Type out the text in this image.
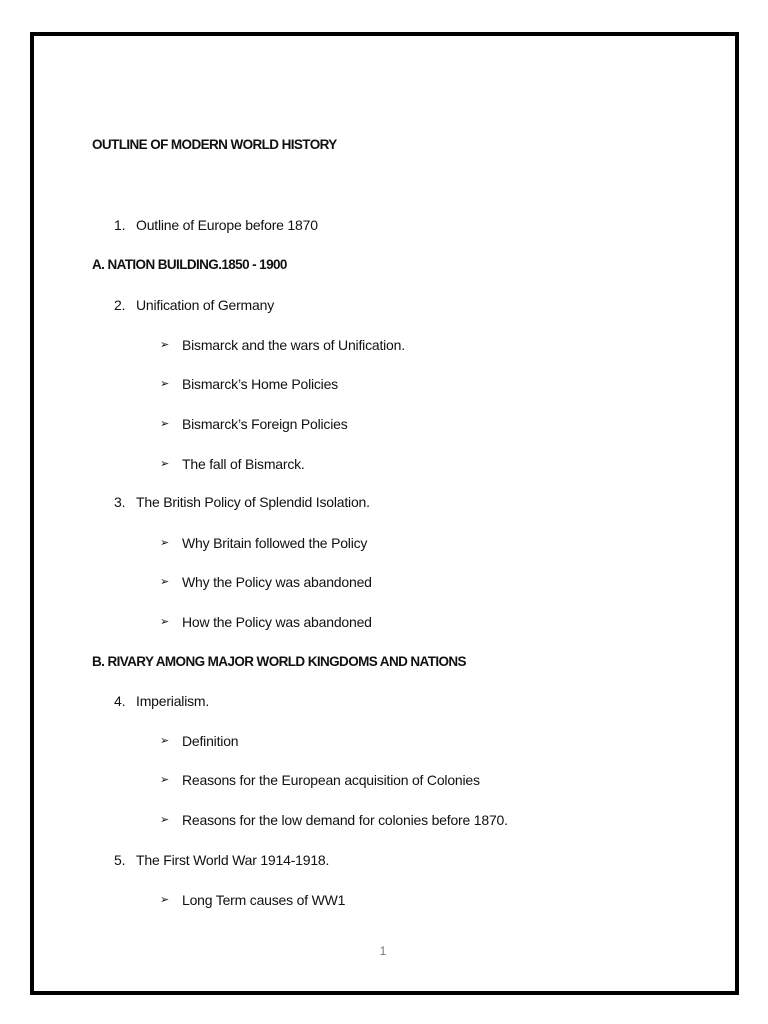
OUTLINE OF MODERN WORLD HISTORY
1. Outline of Europe before 1870
A. NATION BUILDING.1850 - 1900
2. Unification of Germany
➢ Bismarck and the wars of Unification.
➢ Bismarck’s Home Policies
➢ Bismarck’s Foreign Policies
➢ The fall of Bismarck.
3. The British Policy of Splendid Isolation.
➢ Why Britain followed the Policy
➢ Why the Policy was abandoned
➢ How the Policy was abandoned
B. RIVARY AMONG MAJOR WORLD KINGDOMS AND NATIONS
4. Imperialism.
➢ Definition
➢ Reasons for the European acquisition of Colonies
➢ Reasons for the low demand for colonies before 1870.
5. The First World War 1914-1918.
➢ Long Term causes of WW1
1
